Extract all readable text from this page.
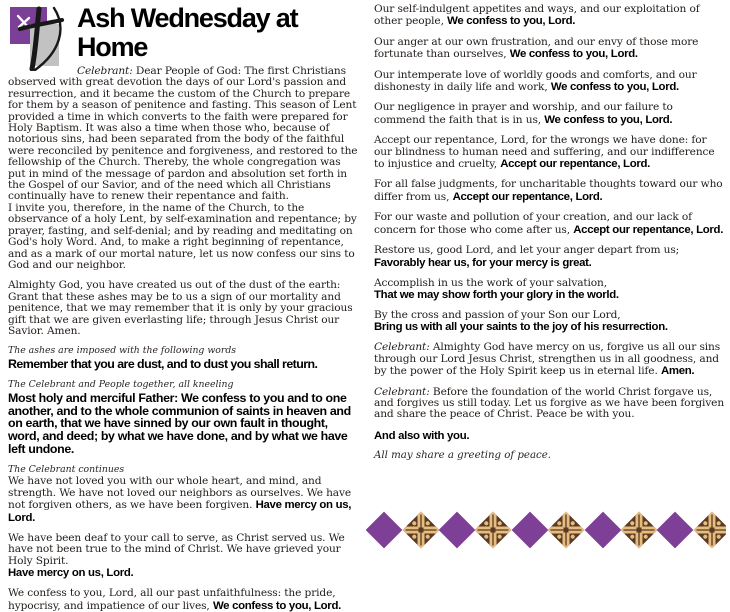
Ash Wednesday at Home

Celebrant: Dear People of God: The first Christians observed with great devotion the days of our Lord's passion and resurrection, and it became the custom of the Church to prepare for them by a season of penitence and fasting. This season of Lent provided a time in which converts to the faith were prepared for Holy Baptism. It was also a time when those who, because of notorious sins, had been separated from the body of the faithful were reconciled by penitence and forgiveness, and restored to the fellowship of the Church. Thereby, the whole congregation was put in mind of the message of pardon and absolution set forth in the Gospel of our Savior, and of the need which all Christians continually have to renew their repentance and faith.
I invite you, therefore, in the name of the Church, to the observance of a holy Lent, by self-examination and repentance; by prayer, fasting, and self-denial; and by reading and meditating on God's holy Word. And, to make a right beginning of repentance, and as a mark of our mortal nature, let us now confess our sins to God and our neighbor.

Almighty God, you have created us out of the dust of the earth: Grant that these ashes may be to us a sign of our mortality and penitence, that we may remember that it is only by your gracious gift that we are given everlasting life; through Jesus Christ our Savior. Amen.

The ashes are imposed with the following words

Remember that you are dust, and to dust you shall return.

The Celebrant and People together, all kneeling

Most holy and merciful Father: We confess to you and to one another, and to the whole communion of saints in heaven and on earth, that we have sinned by our own fault in thought, word, and deed; by what we have done, and by what we have left undone.

The Celebrant continues

We have not loved you with our whole heart, and mind, and strength. We have not loved our neighbors as ourselves. We have not forgiven others, as we have been forgiven. Have mercy on us, Lord.

We have been deaf to your call to serve, as Christ served us. We have not been true to the mind of Christ. We have grieved your Holy Spirit.
Have mercy on us, Lord.

We confess to you, Lord, all our past unfaithfulness: the pride, hypocrisy, and impatience of our lives, We confess to you, Lord.

Our self-indulgent appetites and ways, and our exploitation of other people, We confess to you, Lord.

Our anger at our own frustration, and our envy of those more fortunate than ourselves, We confess to you, Lord.

Our intemperate love of worldly goods and comforts, and our dishonesty in daily life and work, We confess to you, Lord.

Our negligence in prayer and worship, and our failure to commend the faith that is in us, We confess to you, Lord.

Accept our repentance, Lord, for the wrongs we have done: for our blindness to human need and suffering, and our indifference to injustice and cruelty, Accept our repentance, Lord.

For all false judgments, for uncharitable thoughts toward our who differ from us, Accept our repentance, Lord.

For our waste and pollution of your creation, and our lack of concern for those who come after us, Accept our repentance, Lord.

Restore us, good Lord, and let your anger depart from us;
Favorably hear us, for your mercy is great.

Accomplish in us the work of your salvation,
That we may show forth your glory in the world.

By the cross and passion of your Son our Lord,
Bring us with all your saints to the joy of his resurrection.

Celebrant: Almighty God have mercy on us, forgive us all our sins through our Lord Jesus Christ, strengthen us in all goodness, and by the power of the Holy Spirit keep us in eternal life. Amen.

Celebrant: Before the foundation of the world Christ forgave us, and forgives us still today. Let us forgive as we have been forgiven and share the peace of Christ. Peace be with you.

And also with you.

All may share a greeting of peace.
